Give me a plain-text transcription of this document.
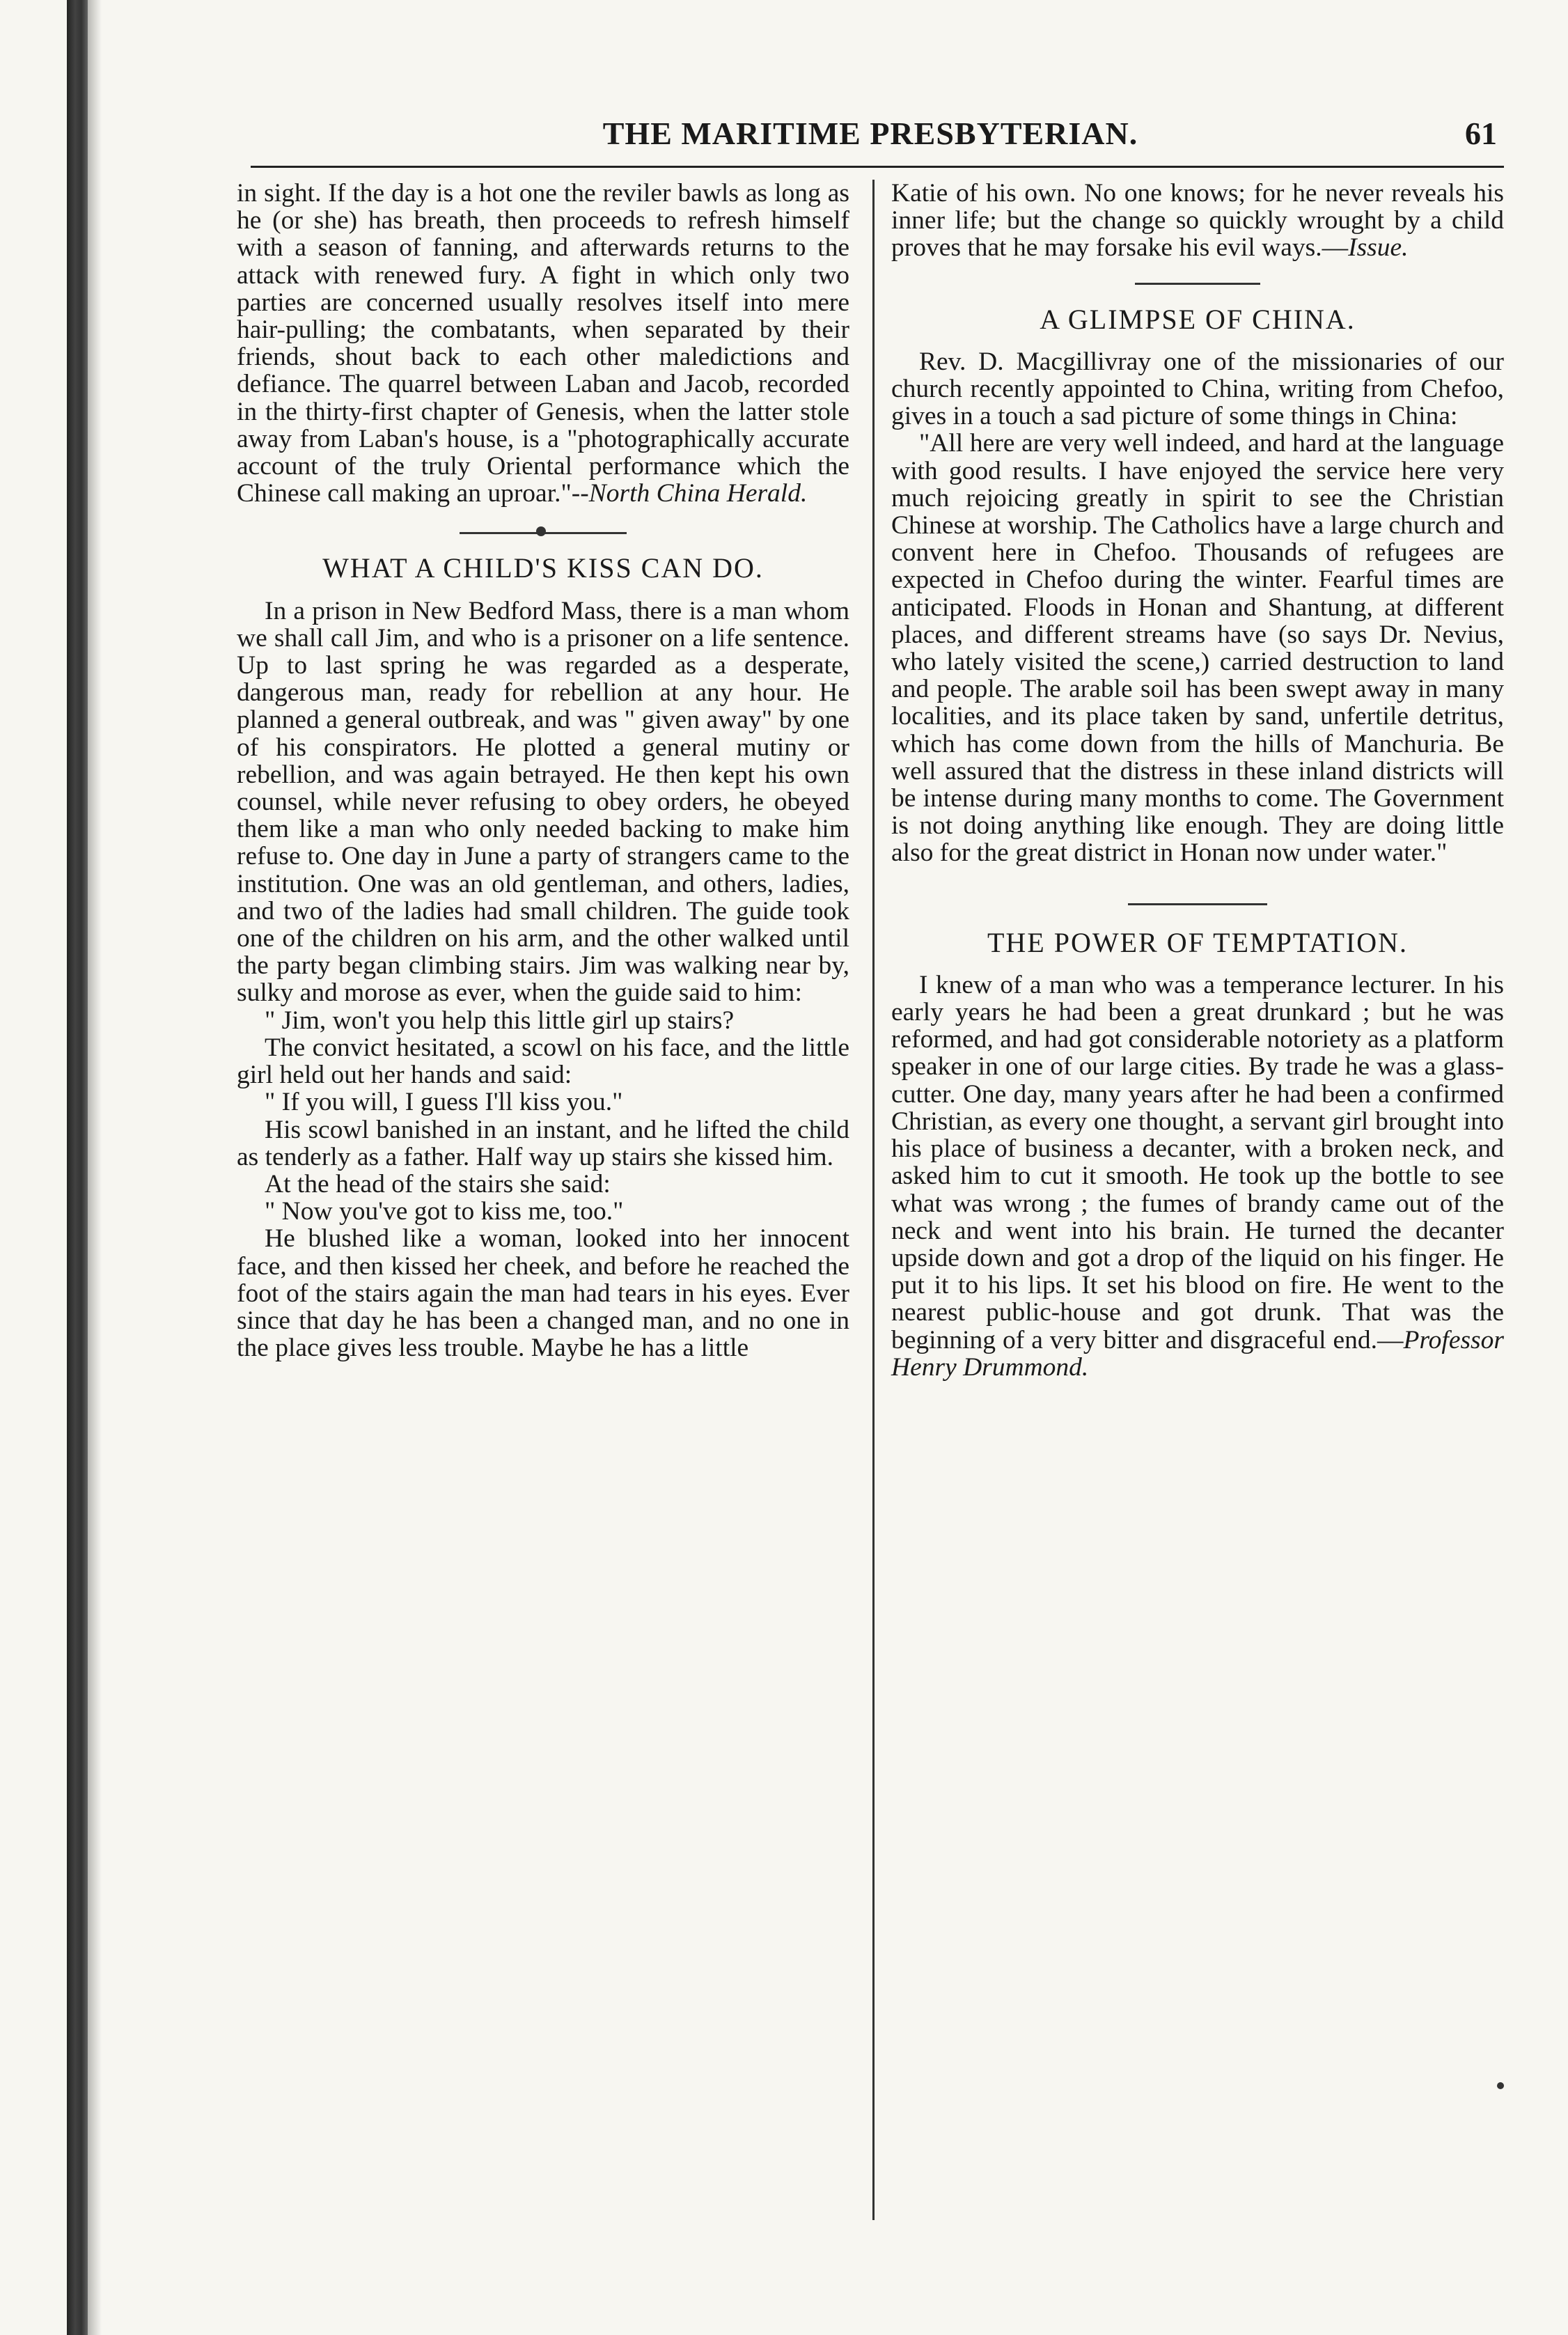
THE MARITIME PRESBYTERIAN.	61

in sight. If the day is a hot one the reviler bawls as long as he (or she) has breath, then proceeds to refresh himself with a season of fanning, and afterwards returns to the attack with renewed fury. A fight in which only two parties are concerned usually resolves itself into mere hair-pulling; the combatants, when separated by their friends, shout back to each other maledictions and defiance. The quarrel between Laban and Jacob, recorded in the thirty-first chapter of Genesis, when the latter stole away from Laban's house, is a "photographically accurate account of the truly Oriental performance which the Chinese call making an uproar."--North China Herald.

WHAT A CHILD'S KISS CAN DO.

In a prison in New Bedford Mass, there is a man whom we shall call Jim, and who is a prisoner on a life sentence. Up to last spring he was regarded as a desperate, dangerous man, ready for rebellion at any hour. He planned a general outbreak, and was " given away" by one of his conspirators. He plotted a general mutiny or rebellion, and was again betrayed. He then kept his own counsel, while never refusing to obey orders, he obeyed them like a man who only needed backing to make him refuse to. One day in June a party of strangers came to the institution. One was an old gentleman, and others, ladies, and two of the ladies had small children. The guide took one of the children on his arm, and the other walked until the party began climbing stairs. Jim was walking near by, sulky and morose as ever, when the guide said to him:

" Jim, won't you help this little girl up stairs?

The convict hesitated, a scowl on his face, and the little girl held out her hands and said:

" If you will, I guess I'll kiss you."

His scowl banished in an instant, and he lifted the child as tenderly as a father. Half way up stairs she kissed him.

At the head of the stairs she said:

" Now you've got to kiss me, too."

He blushed like a woman, looked into her innocent face, and then kissed her cheek, and before he reached the foot of the stairs again the man had tears in his eyes. Ever since that day he has been a changed man, and no one in the place gives less trouble. Maybe he has a little

Katie of his own. No one knows; for he never reveals his inner life; but the change so quickly wrought by a child proves that he may forsake his evil ways.—Issue.

A GLIMPSE OF CHINA.

Rev. D. Macgillivray one of the missionaries of our church recently appointed to China, writing from Chefoo, gives in a touch a sad picture of some things in China:

"All here are very well indeed, and hard at the language with good results. I have enjoyed the service here very much rejoicing greatly in spirit to see the Christian Chinese at worship. The Catholics have a large church and convent here in Chefoo. Thousands of refugees are expected in Chefoo during the winter. Fearful times are anticipated. Floods in Honan and Shantung, at different places, and different streams have (so says Dr. Nevius, who lately visited the scene,) carried destruction to land and people. The arable soil has been swept away in many localities, and its place taken by sand, unfertile detritus, which has come down from the hills of Manchuria. Be well assured that the distress in these inland districts will be intense during many months to come. The Government is not doing anything like enough. They are doing little also for the great district in Honan now under water."

THE POWER OF TEMPTATION.

I knew of a man who was a temperance lecturer. In his early years he had been a great drunkard ; but he was reformed, and had got considerable notoriety as a platform speaker in one of our large cities. By trade he was a glass-cutter. One day, many years after he had been a confirmed Christian, as every one thought, a servant girl brought into his place of business a decanter, with a broken neck, and asked him to cut it smooth. He took up the bottle to see what was wrong ; the fumes of brandy came out of the neck and went into his brain. He turned the decanter upside down and got a drop of the liquid on his finger. He put it to his lips. It set his blood on fire. He went to the nearest public-house and got drunk. That was the beginning of a very bitter and disgraceful end.—Professor Henry Drummond.
